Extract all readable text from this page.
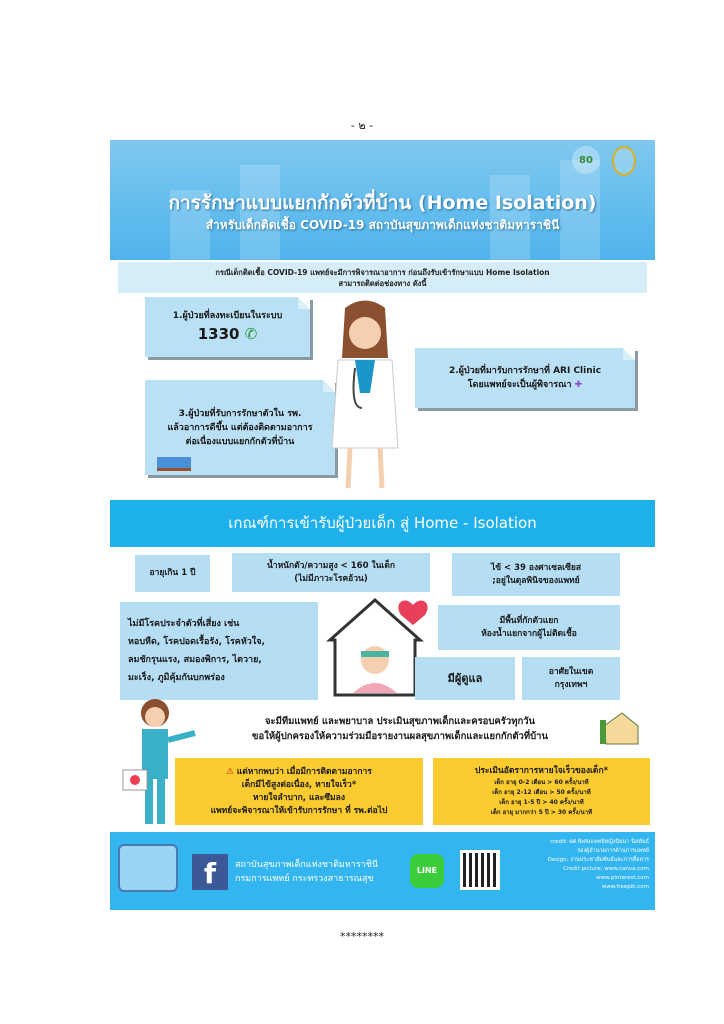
- ๒ -
80
การรักษาแบบแยกกักตัวที่บ้าน (Home Isolation)
สำหรับเด็กติดเชื้อ COVID-19 สถาบันสุขภาพเด็กแห่งชาติมหาราชินี
กรณีเด็กติดเชื้อ COVID-19 แพทย์จะมีการพิจารณาอาการ ก่อนถึงรับเข้ารักษาแบบ Home Isolation
สามารถติดต่อช่องทาง ดังนี้
1.ผู้ป่วยที่ลงทะเบียนในระบบ
1330 ✆
2.ผู้ป่วยที่มารับการรักษาที่ ARI Clinic
โดยแพทย์จะเป็นผู้พิจารณา ✚
3.ผู้ป่วยที่รับการรักษาตัวใน รพ.
แล้วอาการดีขึ้น แต่ต้องติดตามอาการ
ต่อเนื่องแบบแยกกักตัวที่บ้าน
เกณฑ์การเข้ารับผู้ป่วยเด็ก สู่ Home - Isolation
อายุเกิน 1 ปี
น้ำหนักตัว/ความสูง < 160 ในเด็ก
(ไม่มีภาวะโรคอ้วน)
ไข้ < 39 องศาเซลเซียส
;อยู่ในดุลพินิจของแพทย์
ไม่มีโรคประจำตัวที่เสี่ยง เช่น
หอบหืด, โรคปอดเรื้อรัง, โรคหัวใจ,
ลมชักรุนแรง, สมองพิการ, ไตวาย,
มะเร็ง, ภูมิคุ้มกันบกพร่อง
มีพื้นที่กักตัวแยก
ห้องน้ำแยกจากผู้ไม่ติดเชื้อ
มีผู้ดูแล
อาศัยในเขต
กรุงเทพฯ
จะมีทีมแพทย์ และพยาบาล ประเมินสุขภาพเด็กและครอบครัวทุกวัน
ขอให้ผู้ปกครองให้ความร่วมมือรายงานผลสุขภาพเด็กและแยกกักตัวที่บ้าน
⚠ แต่หากพบว่า เมื่อมีการติดตามอาการ
เด็กมีไข้สูงต่อเนื่อง, หายใจเร็ว*
หายใจลำบาก, และซึมลง
แพทย์จะพิจารณาให้เข้ารับการรักษา ที่ รพ.ต่อไป
ประเมินอัตราการหายใจเร็วของเด็ก*
เด็ก อายุ 0-2 เดือน > 60 ครั้ง/นาที
เด็ก อายุ 2-12 เดือน > 50 ครั้ง/นาที
เด็ก อายุ 1-5 ปี > 40 ครั้ง/นาที
เด็ก อายุ มากกว่า 5 ปี > 30 ครั้ง/นาที
f	สถาบันสุขภาพเด็กแห่งชาติมหาราชินี
กรมการแพทย์ กระทรวงสาธารณสุข
LINE
credit: ผศ.พิเศษแพทย์หญิงนิยนา นิลพันธ์
รองผู้อำนวยการด้านการแพทย์
Design: งานประชาสัมพันธ์และการสื่อสาร
Credit picture: www.canva.com
www.pinterest.com
www.freepik.com
********
